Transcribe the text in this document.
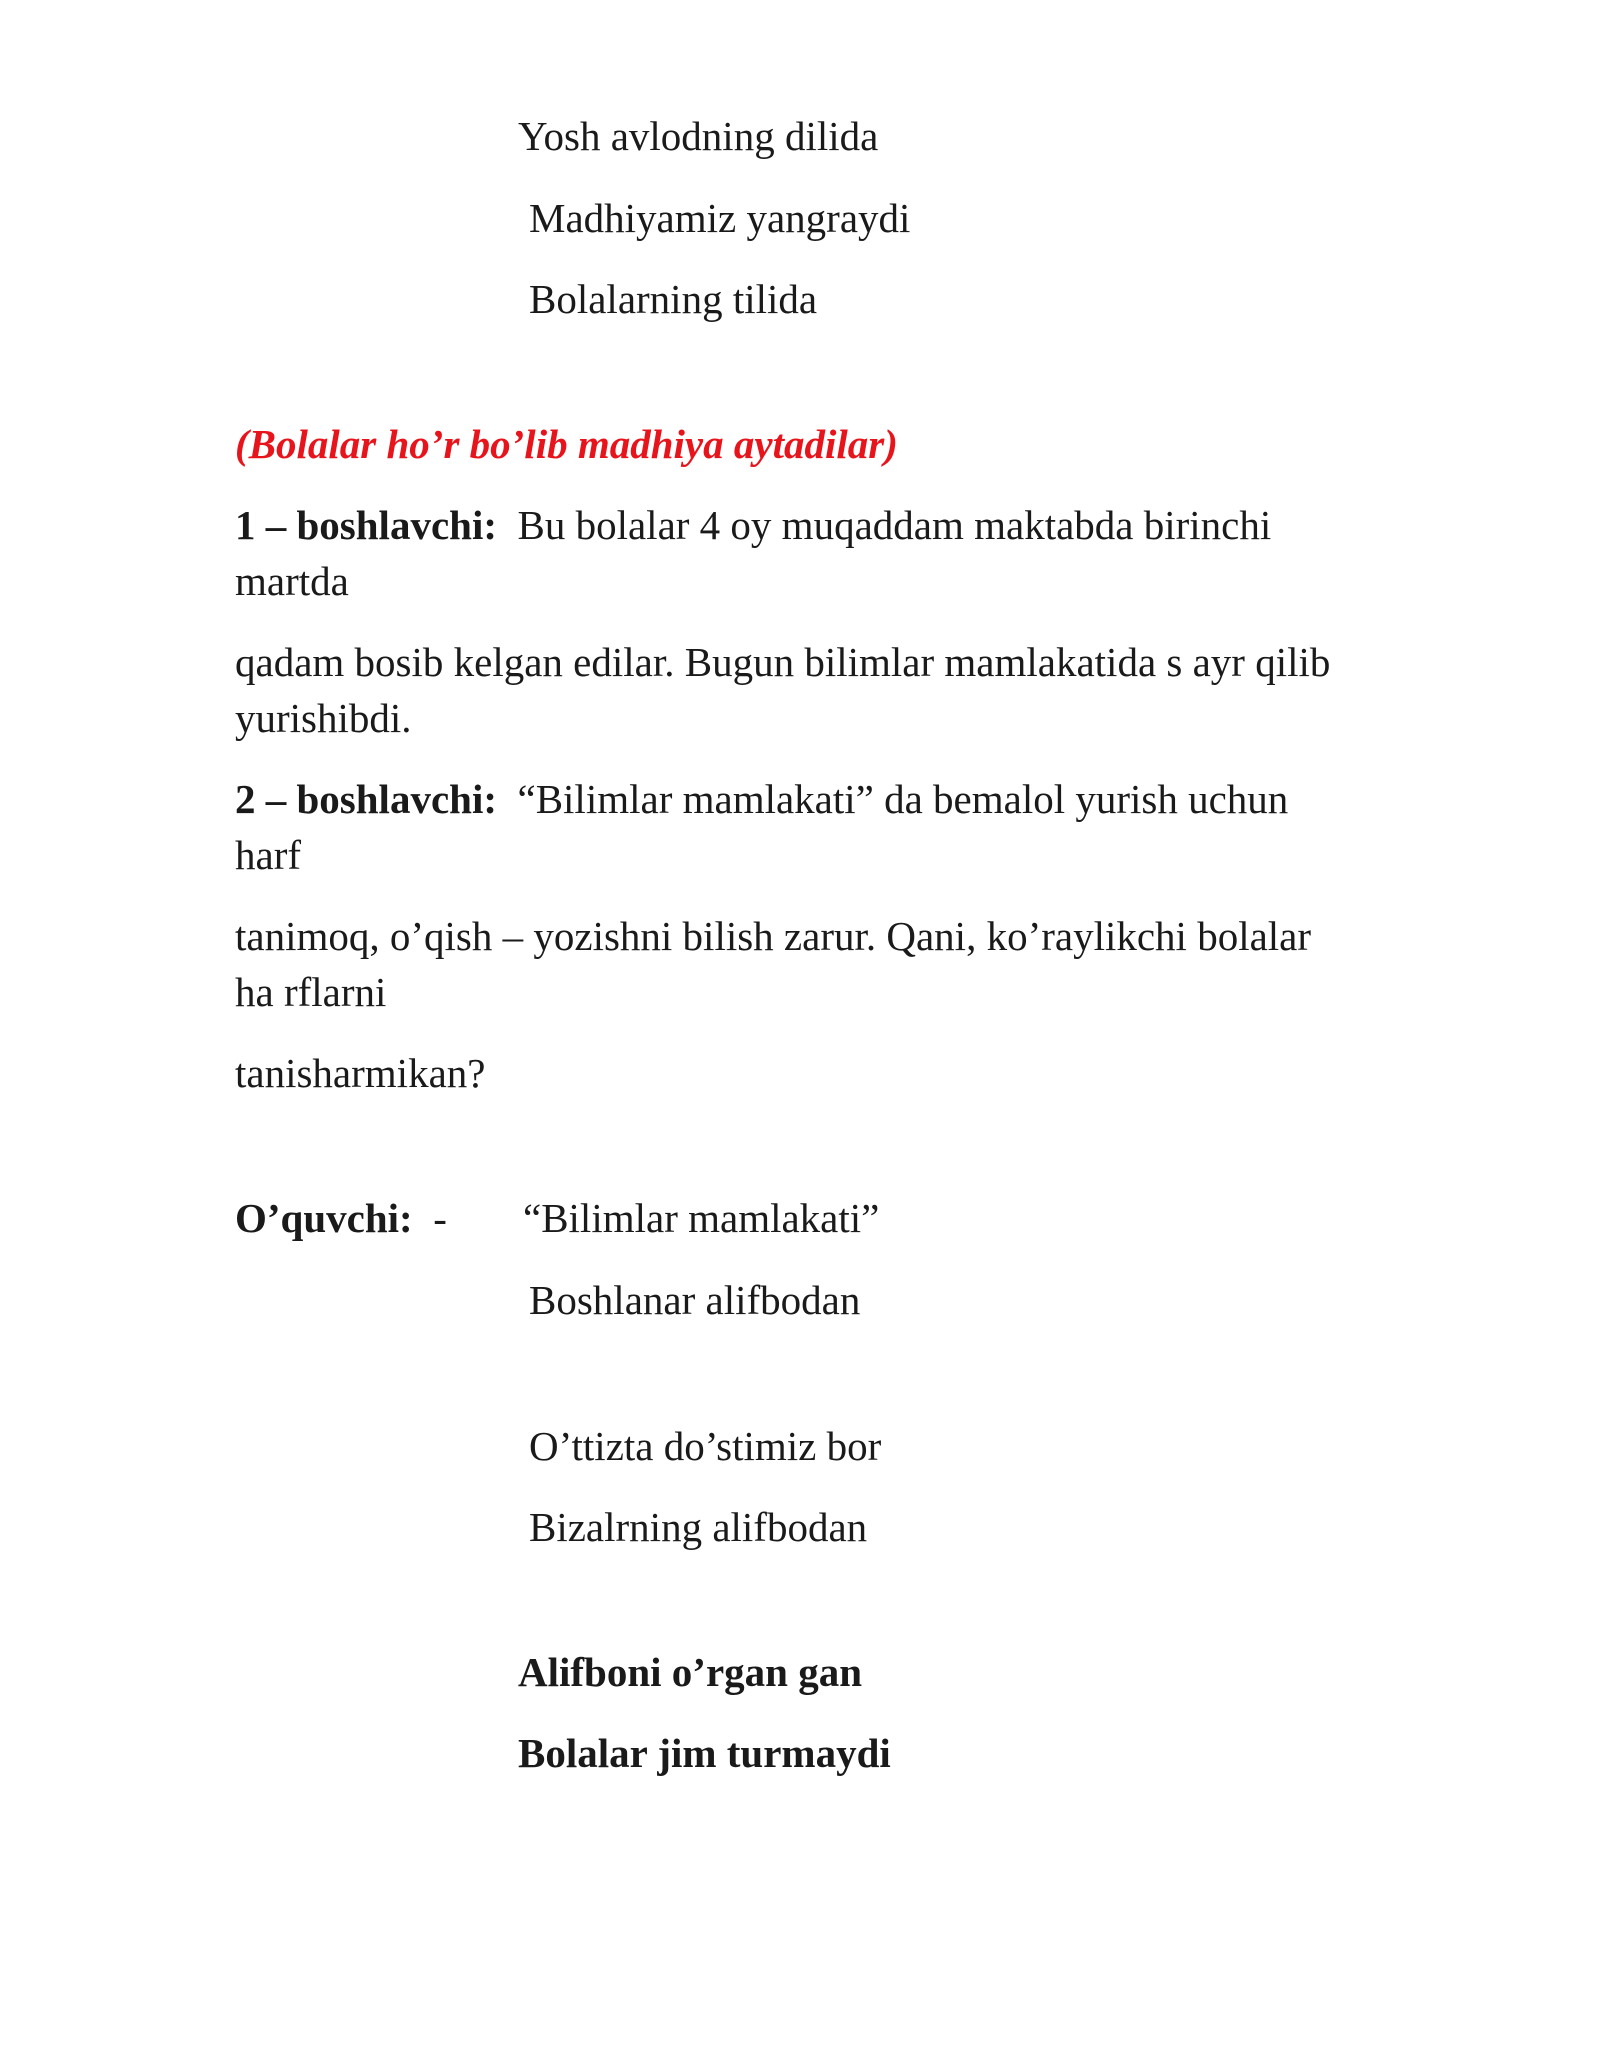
Yosh avlodning dilida
Madhiyamiz yangraydi
Bolalarning tilida
(Bolalar ho’r bo’lib madhiya aytadilar)
1 – boshlavchi: Bu bolalar 4 oy muqaddam maktabda birinchi
martda
qadam bosib kelgan edilar. Bugun bilimlar mamlakatida s ayr qilib
yurishibdi.
2 – boshlavchi: “Bilimlar mamlakati” da bemalol yurish uchun
harf
tanimoq, o’qish – yozishni bilish zarur. Qani, ko’raylikchi bolalar
ha rflarni
tanisharmikan?
O’quvchi: - “Bilimlar mamlakati”
Boshlanar alifbodan
O’ttizta do’stimiz bor
Bizalrning alifbodan
Alifboni o’rgan gan
Bolalar jim turmaydi
